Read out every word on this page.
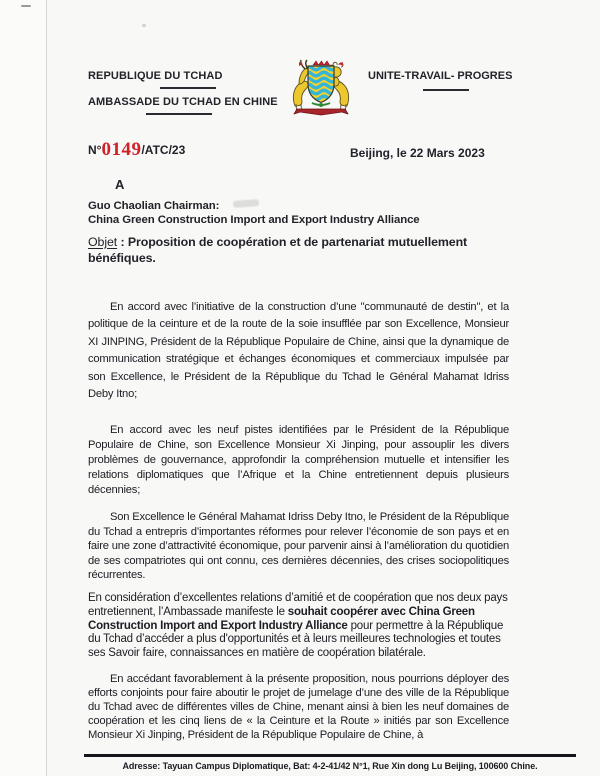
REPUBLIQUE DU TCHAD
AMBASSADE DU TCHAD EN CHINE
UNITE-TRAVAIL- PROGRES
N°0149/ATC/23	Beijing, le 22 Mars 2023
A
Guo Chaolian Chairman:
China Green Construction Import and Export Industry Alliance
Objet : Proposition de coopération et de partenariat mutuellement bénéfiques.

En accord avec l’initiative de la construction d’une "communauté de destin", et la politique de la ceinture et de la route de la soie insufflée par son Excellence, Monsieur XI JINPING, Président de la République Populaire de Chine, ainsi que la dynamique de communication stratégique et échanges économiques et commerciaux impulsée par son Excellence, le Président de la République du Tchad le Général Mahamat Idriss Deby Itno;

En accord avec les neuf pistes identifiées par le Président de la République Populaire de Chine, son Excellence Monsieur Xi Jinping, pour assouplir les divers problèmes de gouvernance, approfondir la compréhension mutuelle et intensifier les relations diplomatiques que l’Afrique et la Chine entretiennent depuis plusieurs décennies;

Son Excellence le Général Mahamat Idriss Deby Itno, le Président de la République du Tchad a entrepris d’importantes réformes pour relever l’économie de son pays et en faire une zone d’attractivité économique, pour parvenir ainsi à l’amélioration du quotidien de ses compatriotes qui ont connu, ces dernières décennies, des crises sociopolitiques récurrentes.

En considération d’excellentes relations d’amitié et de coopération que nos deux pays entretiennent, l’Ambassade manifeste le souhait coopérer avec China Green Construction Import and Export Industry Alliance pour permettre à la République du Tchad d’accéder a plus d'opportunités et à leurs meilleures technologies et toutes ses Savoir faire, connaissances en matière de coopération bilatérale.

En accédant favorablement à la présente proposition, nous pourrions déployer des efforts conjoints pour faire aboutir le projet de jumelage d’une des ville de la République du Tchad avec de différentes villes de Chine, menant ainsi à bien les neuf domaines de coopération et les cinq liens de « la Ceinture et la Route » initiés par son Excellence Monsieur Xi Jinping, Président de la République Populaire de Chine, à

Adresse: Tayuan Campus Diplomatique, Bat: 4-2-41/42 N°1, Rue Xin dong Lu Beijing, 100600 Chine.
